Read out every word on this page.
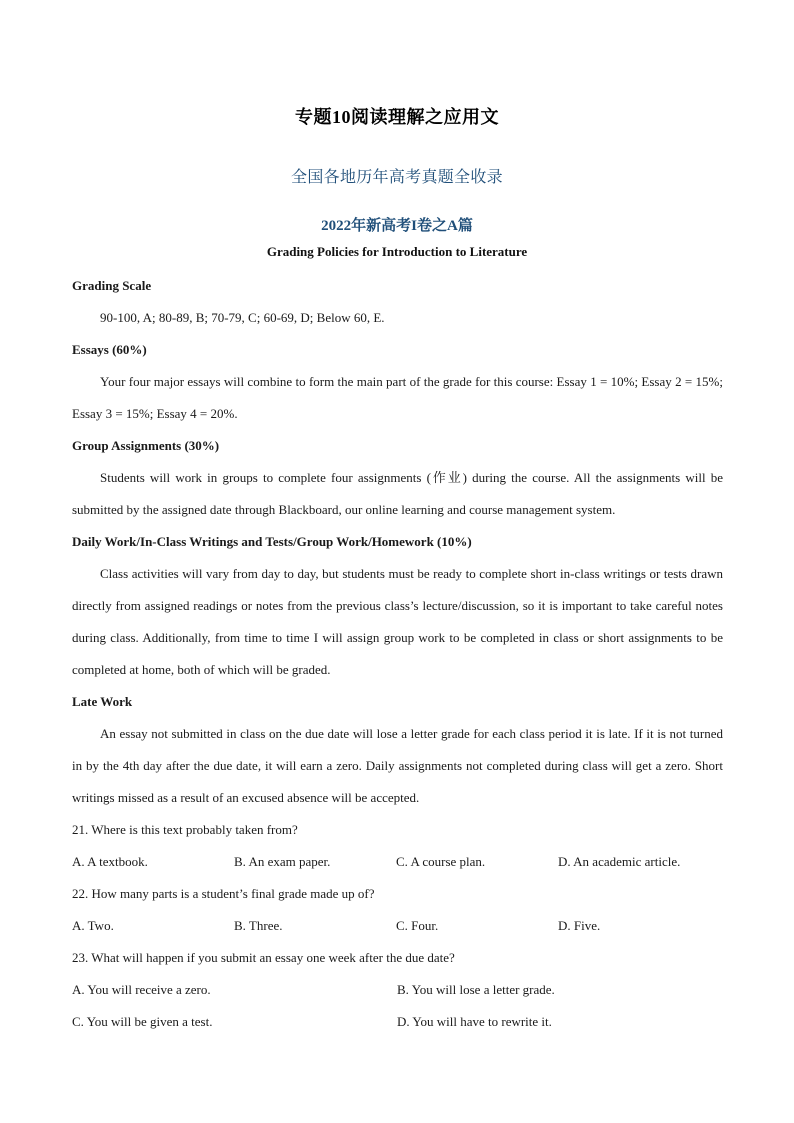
专题10阅读理解之应用文
全国各地历年高考真题全收录
2022年新高考I卷之A篇
Grading Policies for Introduction to Literature
Grading Scale

90-100, A; 80-89, B; 70-79, C; 60-69, D; Below 60, E.

Essays (60%)

Your four major essays will combine to form the main part of the grade for this course: Essay 1 = 10%; Essay 2 = 15%; Essay 3 = 15%; Essay 4 = 20%.

Group Assignments (30%)

Students will work in groups to complete four assignments (作业) during the course. All the assignments will be submitted by the assigned date through Blackboard, our online learning and course management system.

Daily Work/In-Class Writings and Tests/Group Work/Homework (10%)

Class activities will vary from day to day, but students must be ready to complete short in-class writings or tests drawn directly from assigned readings or notes from the previous class’s lecture/discussion, so it is important to take careful notes during class. Additionally, from time to time I will assign group work to be completed in class or short assignments to be completed at home, both of which will be graded.

Late Work

An essay not submitted in class on the due date will lose a letter grade for each class period it is late. If it is not turned in by the 4th day after the due date, it will earn a zero. Daily assignments not completed during class will get a zero. Short writings missed as a result of an excused absence will be accepted.

21. Where is this text probably taken from?
A. A textbook.	B. An exam paper.	C. A course plan.	D. An academic article.
22. How many parts is a student’s final grade made up of?
A. Two.	B. Three.	C. Four.	D. Five.
23. What will happen if you submit an essay one week after the due date?
A. You will receive a zero.	B. You will lose a letter grade.
C. You will be given a test.	D. You will have to rewrite it.
